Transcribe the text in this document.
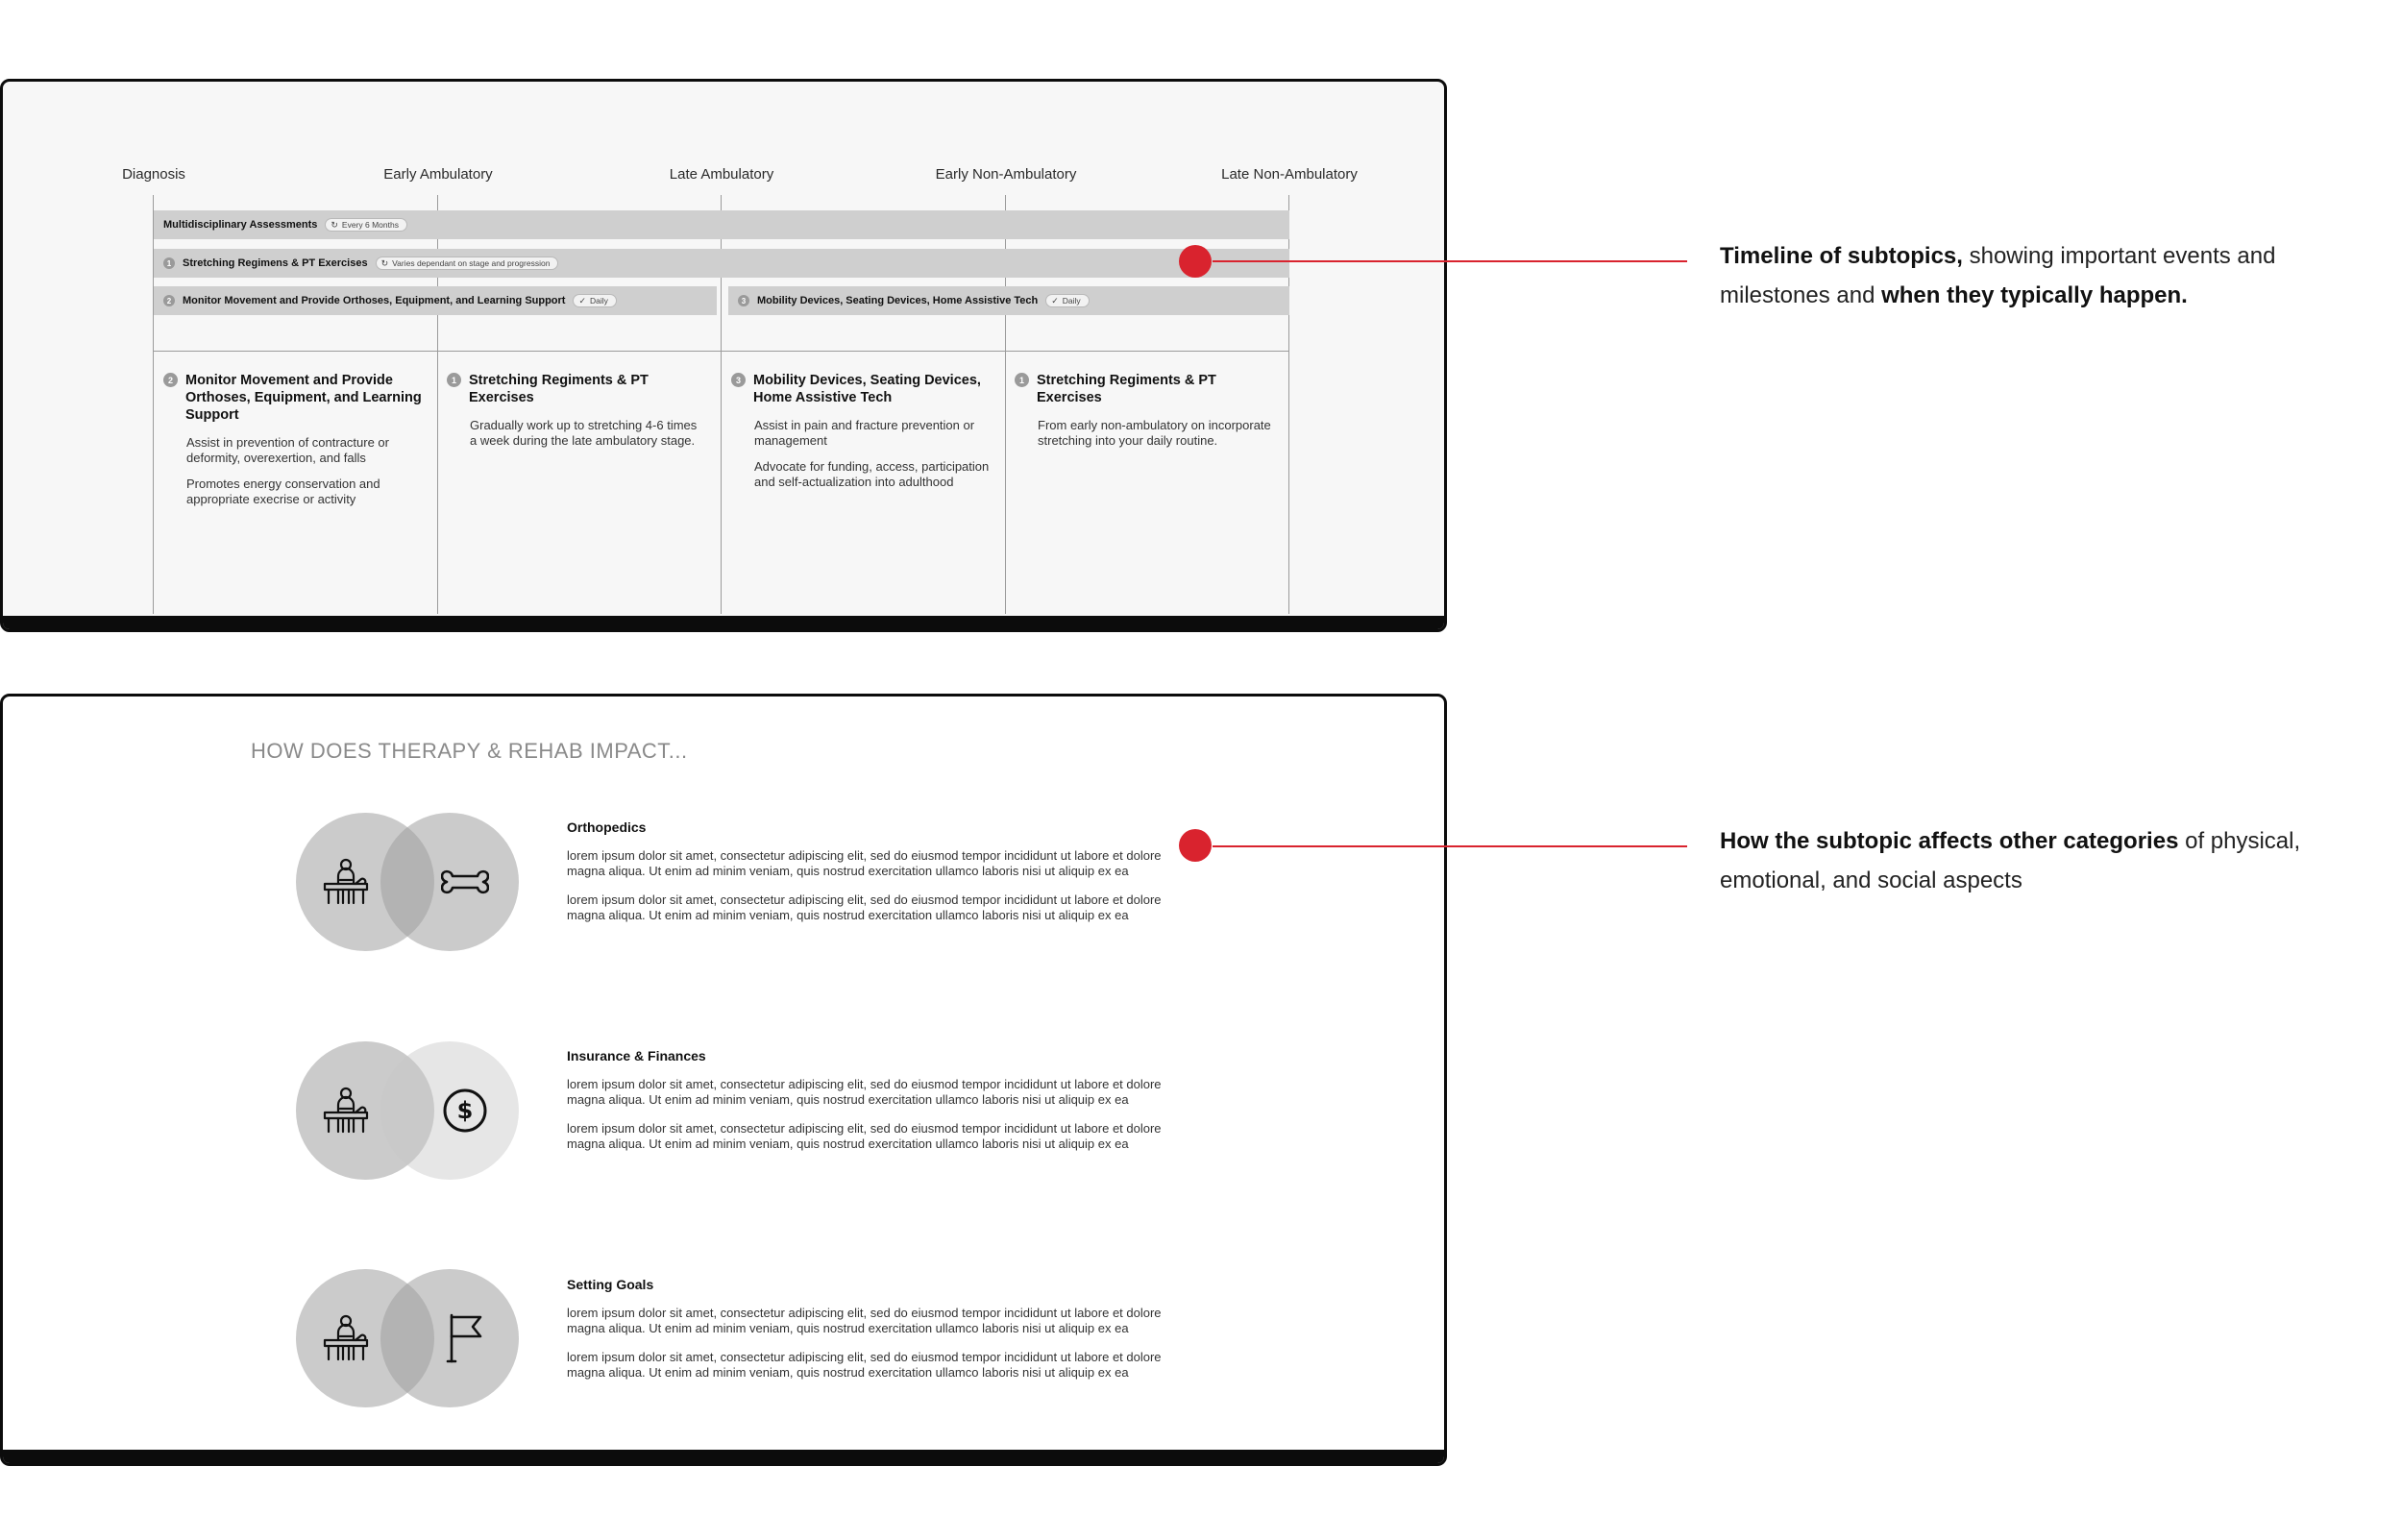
Diagnosis	Early Ambulatory	Late Ambulatory	Early Non-Ambulatory	Late Non-Ambulatory
Multidisciplinary Assessments ↻ Every 6 Months
1	Stretching Regimens & PT Exercises ↻ Varies dependant on stage and progression
2	Monitor Movement and Provide Orthoses, Equipment, and Learning Support ✓ Daily	3	Mobility Devices, Seating Devices, Home Assistive Tech ✓ Daily
2 Monitor Movement and Provide Orthoses, Equipment, and Learning Support

Assist in prevention of contracture or deformity, overexertion, and falls

Promotes energy conservation and appropriate execrise or activity

1 Stretching Regiments & PT Exercises

Gradually work up to stretching 4-6 times a week during the late ambulatory stage.

3 Mobility Devices, Seating Devices, Home Assistive Tech

Assist in pain and fracture prevention or management

Advocate for funding, access, participation and self-actualization into adulthood

1 Stretching Regiments & PT Exercises

From early non-ambulatory on incorporate stretching into your daily routine.

HOW DOES THERAPY & REHAB IMPACT...
Orthopedics

lorem ipsum dolor sit amet, consectetur adipiscing elit, sed do eiusmod tempor incididunt ut labore et dolore magna aliqua. Ut enim ad minim veniam, quis nostrud exercitation ullamco laboris nisi ut aliquip ex ea

lorem ipsum dolor sit amet, consectetur adipiscing elit, sed do eiusmod tempor incididunt ut labore et dolore magna aliqua. Ut enim ad minim veniam, quis nostrud exercitation ullamco laboris nisi ut aliquip ex ea

$
Insurance & Finances

lorem ipsum dolor sit amet, consectetur adipiscing elit, sed do eiusmod tempor incididunt ut labore et dolore magna aliqua. Ut enim ad minim veniam, quis nostrud exercitation ullamco laboris nisi ut aliquip ex ea

lorem ipsum dolor sit amet, consectetur adipiscing elit, sed do eiusmod tempor incididunt ut labore et dolore magna aliqua. Ut enim ad minim veniam, quis nostrud exercitation ullamco laboris nisi ut aliquip ex ea

Setting Goals

lorem ipsum dolor sit amet, consectetur adipiscing elit, sed do eiusmod tempor incididunt ut labore et dolore magna aliqua. Ut enim ad minim veniam, quis nostrud exercitation ullamco laboris nisi ut aliquip ex ea

lorem ipsum dolor sit amet, consectetur adipiscing elit, sed do eiusmod tempor incididunt ut labore et dolore magna aliqua. Ut enim ad minim veniam, quis nostrud exercitation ullamco laboris nisi ut aliquip ex ea

Timeline of subtopics, showing important events and milestones and when they typically happen.
How the subtopic affects other categories of physical, emotional, and social aspects
